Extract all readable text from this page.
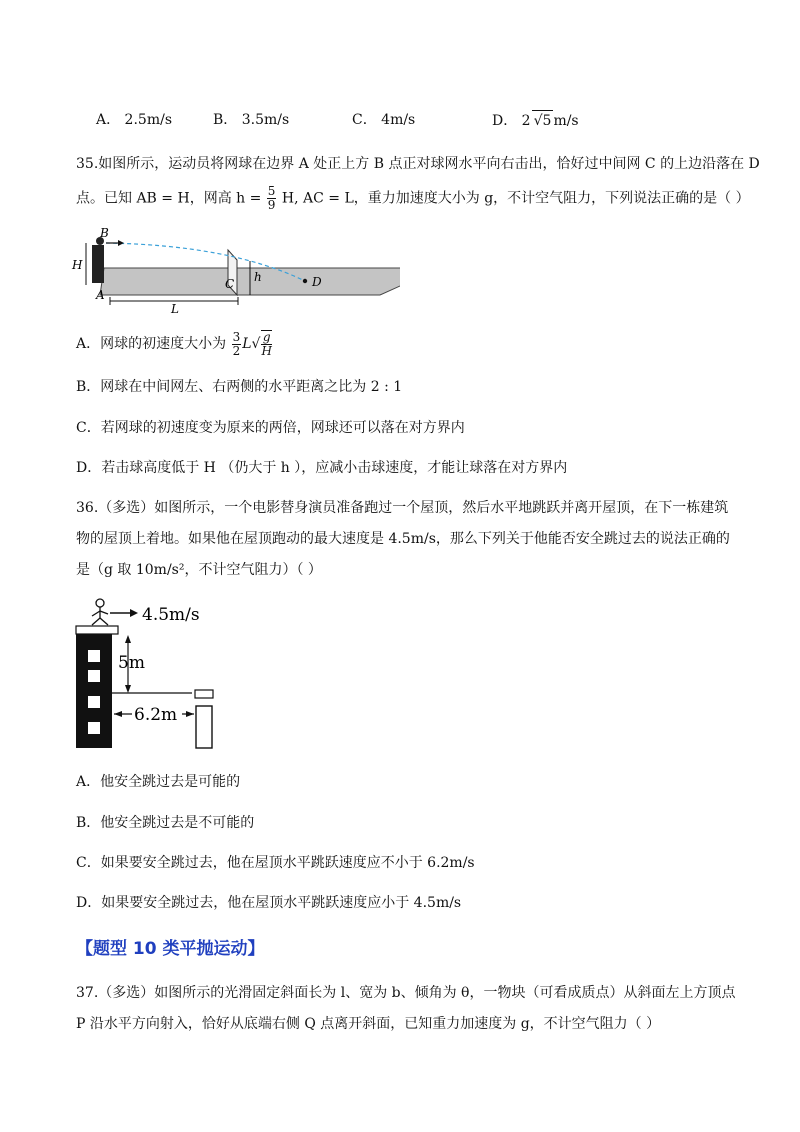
A． 2.5m/s	B． 3.5m/s	C． 4m/s	D． 2 √5 m/s
35.如图所示，运动员将网球在边界 A 处正上方 B 点正对球网水平向右击出，恰好过中间网 C 的上边沿落在 D
点。已知 AB = H，网高 $h = \frac{5}{9} H$, AC = L，重力加速度大小为 g，不计空气阻力，下列说法正确的是（ ）
B
H
A
C h	D
L
A．网球的初速度大小为 $\frac{3}{2} L√ \frac{g}{H}$
B．网球在中间网左、右两侧的水平距离之比为 2 : 1
C．若网球的初速度变为原来的两倍，网球还可以落在对方界内
D．若击球高度低于 H （仍大于 h ），应减小击球速度，才能让球落在对方界内
36.（多选）如图所示，一个电影替身演员准备跑过一个屋顶，然后水平地跳跃并离开屋顶，在下一栋建筑
物的屋顶上着地。如果他在屋顶跑动的最大速度是 4.5m/s，那么下列关于他能否安全跳过去的说法正确的
是（g 取 10m/s²，不计空气阻力）（ ）
4.5m/s
5m
6.2m
A．他安全跳过去是可能的
B．他安全跳过去是不可能的
C．如果要安全跳过去，他在屋顶水平跳跃速度应不小于 6.2m/s
D．如果要安全跳过去，他在屋顶水平跳跃速度应小于 4.5m/s
【题型 10 类平抛运动】
37.（多选）如图所示的光滑固定斜面长为 l、宽为 b、倾角为 θ，一物块（可看成质点）从斜面左上方顶点
P 沿水平方向射入，恰好从底端右侧 Q 点离开斜面，已知重力加速度为 g，不计空气阻力（ ）
